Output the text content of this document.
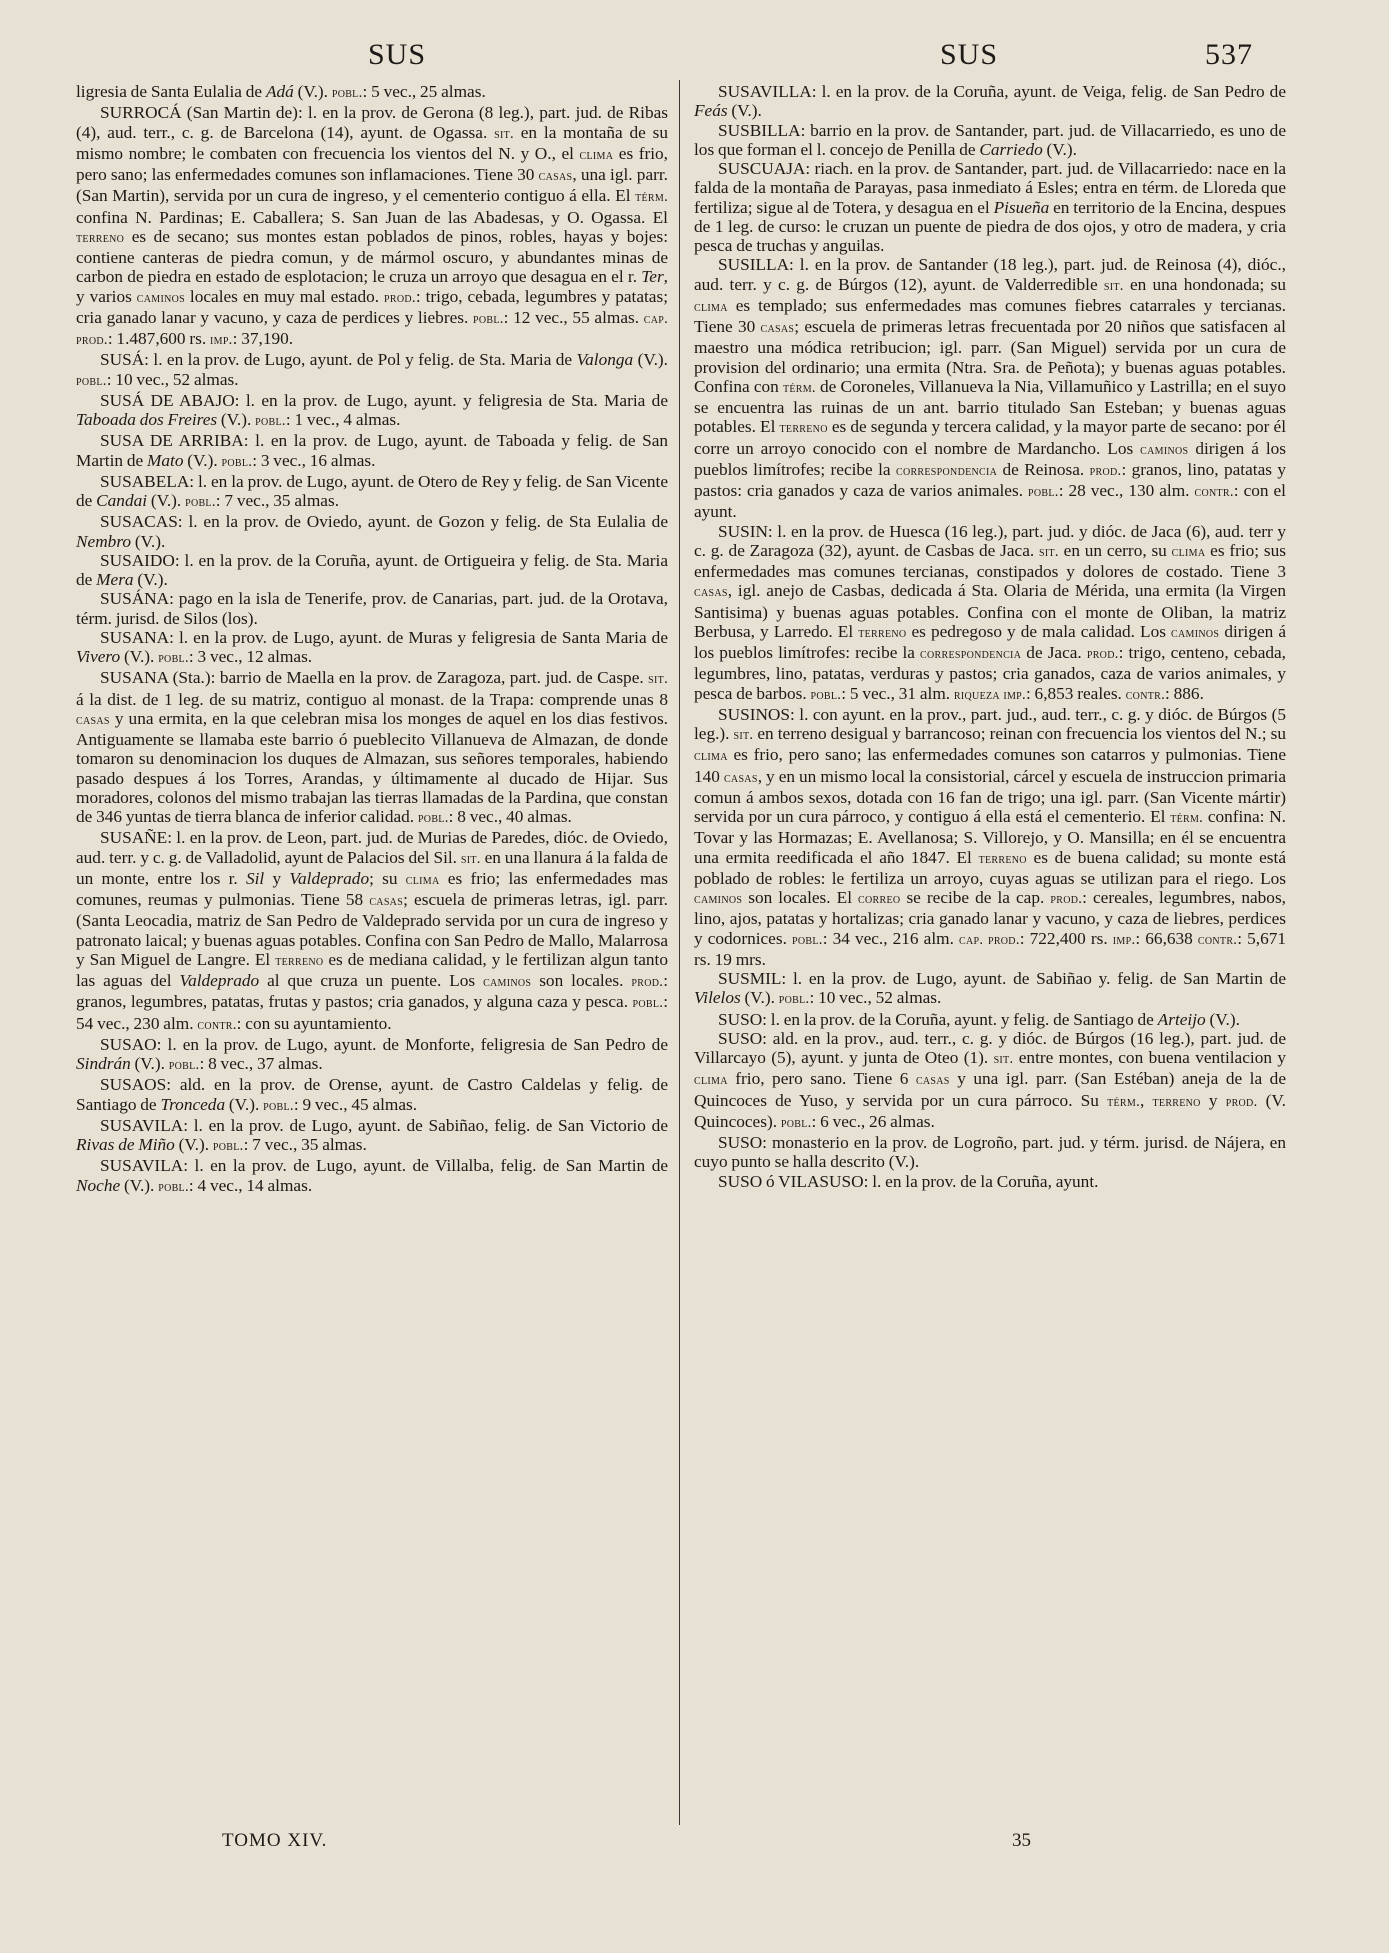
SUS	SUS	537

ligresia de Santa Eulalia de Adá (V.). pobl.: 5 vec., 25 almas.

SURROCÁ (San Martin de): l. en la prov. de Gerona (8 leg.), part. jud. de Ribas (4), aud. terr., c. g. de Barcelona (14), ayunt. de Ogassa. sit. en la montaña de su mismo nombre; le combaten con frecuencia los vientos del N. y O., el clima es frio, pero sano; las enfermedades comunes son inflamaciones. Tiene 30 casas, una igl. parr. (San Martin), servida por un cura de ingreso, y el cementerio contiguo á ella. El térm. confina N. Pardinas; E. Caballera; S. San Juan de las Abadesas, y O. Ogassa. El terreno es de secano; sus montes estan poblados de pinos, robles, hayas y bojes: contiene canteras de piedra comun, y de mármol oscuro, y abundantes minas de carbon de piedra en estado de esplotacion; le cruza un arroyo que desagua en el r. Ter, y varios caminos locales en muy mal estado. prod.: trigo, cebada, legumbres y patatas; cria ganado lanar y vacuno, y caza de perdices y liebres. pobl.: 12 vec., 55 almas. cap. prod.: 1.487,600 rs. imp.: 37,190.

SUSÁ: l. en la prov. de Lugo, ayunt. de Pol y felig. de Sta. Maria de Valonga (V.). pobl.: 10 vec., 52 almas.

SUSÁ DE ABAJO: l. en la prov. de Lugo, ayunt. y feligresia de Sta. Maria de Taboada dos Freires (V.). pobl.: 1 vec., 4 almas.

SUSA DE ARRIBA: l. en la prov. de Lugo, ayunt. de Taboada y felig. de San Martin de Mato (V.). pobl.: 3 vec., 16 almas.

SUSABELA: l. en la prov. de Lugo, ayunt. de Otero de Rey y felig. de San Vicente de Candai (V.). pobl.: 7 vec., 35 almas.

SUSACAS: l. en la prov. de Oviedo, ayunt. de Gozon y felig. de Sta Eulalia de Nembro (V.).

SUSAIDO: l. en la prov. de la Coruña, ayunt. de Ortigueira y felig. de Sta. Maria de Mera (V.).

SUSÁNA: pago en la isla de Tenerife, prov. de Canarias, part. jud. de la Orotava, térm. jurisd. de Silos (los).

SUSANA: l. en la prov. de Lugo, ayunt. de Muras y feligresia de Santa Maria de Vivero (V.). pobl.: 3 vec., 12 almas.

SUSANA (Sta.): barrio de Maella en la prov. de Zaragoza, part. jud. de Caspe. sit. á la dist. de 1 leg. de su matriz, contiguo al monast. de la Trapa: comprende unas 8 casas y una ermita, en la que celebran misa los monges de aquel en los dias festivos. Antiguamente se llamaba este barrio ó pueblecito Villanueva de Almazan, de donde tomaron su denominacion los duques de Almazan, sus señores temporales, habiendo pasado despues á los Torres, Arandas, y últimamente al ducado de Hijar. Sus moradores, colonos del mismo trabajan las tierras llamadas de la Pardina, que constan de 346 yuntas de tierra blanca de inferior calidad. pobl.: 8 vec., 40 almas.

SUSAÑE: l. en la prov. de Leon, part. jud. de Murias de Paredes, dióc. de Oviedo, aud. terr. y c. g. de Valladolid, ayunt de Palacios del Sil. sit. en una llanura á la falda de un monte, entre los r. Sil y Valdeprado; su clima es frio; las enfermedades mas comunes, reumas y pulmonias. Tiene 58 casas; escuela de primeras letras, igl. parr. (Santa Leocadia, matriz de San Pedro de Valdeprado servida por un cura de ingreso y patronato laical; y buenas aguas potables. Confina con San Pedro de Mallo, Malarrosa y San Miguel de Langre. El terreno es de mediana calidad, y le fertilizan algun tanto las aguas del Valdeprado al que cruza un puente. Los caminos son locales. prod.: granos, legumbres, patatas, frutas y pastos; cria ganados, y alguna caza y pesca. pobl.: 54 vec., 230 alm. contr.: con su ayuntamiento.

SUSAO: l. en la prov. de Lugo, ayunt. de Monforte, feligresia de San Pedro de Sindrán (V.). pobl.: 8 vec., 37 almas.

SUSAOS: ald. en la prov. de Orense, ayunt. de Castro Caldelas y felig. de Santiago de Tronceda (V.). pobl.: 9 vec., 45 almas.

SUSAVILA: l. en la prov. de Lugo, ayunt. de Sabiñao, felig. de San Victorio de Rivas de Miño (V.). pobl.: 7 vec., 35 almas.

SUSAVILA: l. en la prov. de Lugo, ayunt. de Villalba, felig. de San Martin de Noche (V.). pobl.: 4 vec., 14 almas.

SUSAVILLA: l. en la prov. de la Coruña, ayunt. de Veiga, felig. de San Pedro de Feás (V.).

SUSBILLA: barrio en la prov. de Santander, part. jud. de Villacarriedo, es uno de los que forman el l. concejo de Penilla de Carriedo (V.).

SUSCUAJA: riach. en la prov. de Santander, part. jud. de Villacarriedo: nace en la falda de la montaña de Parayas, pasa inmediato á Esles; entra en térm. de Lloreda que fertiliza; sigue al de Totera, y desagua en el Pisueña en territorio de la Encina, despues de 1 leg. de curso: le cruzan un puente de piedra de dos ojos, y otro de madera, y cria pesca de truchas y anguilas.

SUSILLA: l. en la prov. de Santander (18 leg.), part. jud. de Reinosa (4), dióc., aud. terr. y c. g. de Búrgos (12), ayunt. de Valderredible sit. en una hondonada; su clima es templado; sus enfermedades mas comunes fiebres catarrales y tercianas. Tiene 30 casas; escuela de primeras letras frecuentada por 20 niños que satisfacen al maestro una módica retribucion; igl. parr. (San Miguel) servida por un cura de provision del ordinario; una ermita (Ntra. Sra. de Peñota); y buenas aguas potables. Confina con térm. de Coroneles, Villanueva la Nia, Villamuñico y Lastrilla; en el suyo se encuentra las ruinas de un ant. barrio titulado San Esteban; y buenas aguas potables. El terreno es de segunda y tercera calidad, y la mayor parte de secano: por él corre un arroyo conocido con el nombre de Mardancho. Los caminos dirigen á los pueblos limítrofes; recibe la correspondencia de Reinosa. prod.: granos, lino, patatas y pastos: cria ganados y caza de varios animales. pobl.: 28 vec., 130 alm. contr.: con el ayunt.

SUSIN: l. en la prov. de Huesca (16 leg.), part. jud. y dióc. de Jaca (6), aud. terr y c. g. de Zaragoza (32), ayunt. de Casbas de Jaca. sit. en un cerro, su clima es frio; sus enfermedades mas comunes tercianas, constipados y dolores de costado. Tiene 3 casas, igl. anejo de Casbas, dedicada á Sta. Olaria de Mérida, una ermita (la Virgen Santisima) y buenas aguas potables. Confina con el monte de Oliban, la matriz Berbusa, y Larredo. El terreno es pedregoso y de mala calidad. Los caminos dirigen á los pueblos limítrofes: recibe la correspondencia de Jaca. prod.: trigo, centeno, cebada, legumbres, lino, patatas, verduras y pastos; cria ganados, caza de varios animales, y pesca de barbos. pobl.: 5 vec., 31 alm. riqueza imp.: 6,853 reales. contr.: 886.

SUSINOS: l. con ayunt. en la prov., part. jud., aud. terr., c. g. y dióc. de Búrgos (5 leg.). sit. en terreno desigual y barrancoso; reinan con frecuencia los vientos del N.; su clima es frio, pero sano; las enfermedades comunes son catarros y pulmonias. Tiene 140 casas, y en un mismo local la consistorial, cárcel y escuela de instruccion primaria comun á ambos sexos, dotada con 16 fan de trigo; una igl. parr. (San Vicente mártir) servida por un cura párroco, y contiguo á ella está el cementerio. El térm. confina: N. Tovar y las Hormazas; E. Avellanosa; S. Villorejo, y O. Mansilla; en él se encuentra una ermita reedificada el año 1847. El terreno es de buena calidad; su monte está poblado de robles: le fertiliza un arroyo, cuyas aguas se utilizan para el riego. Los caminos son locales. El correo se recibe de la cap. prod.: cereales, legumbres, nabos, lino, ajos, patatas y hortalizas; cria ganado lanar y vacuno, y caza de liebres, perdices y codornices. pobl.: 34 vec., 216 alm. cap. prod.: 722,400 rs. imp.: 66,638 contr.: 5,671 rs. 19 mrs.

SUSMIL: l. en la prov. de Lugo, ayunt. de Sabiñao y. felig. de San Martin de Vilelos (V.). pobl.: 10 vec., 52 almas.

SUSO: l. en la prov. de la Coruña, ayunt. y felig. de Santiago de Arteijo (V.).

SUSO: ald. en la prov., aud. terr., c. g. y dióc. de Búrgos (16 leg.), part. jud. de Villarcayo (5), ayunt. y junta de Oteo (1). sit. entre montes, con buena ventilacion y clima frio, pero sano. Tiene 6 casas y una igl. parr. (San Estéban) aneja de la de Quincoces de Yuso, y servida por un cura párroco. Su térm., terreno y prod. (V. Quincoces). pobl.: 6 vec., 26 almas.

SUSO: monasterio en la prov. de Logroño, part. jud. y térm. jurisd. de Nájera, en cuyo punto se halla descrito (V.).

SUSO ó VILASUSO: l. en la prov. de la Coruña, ayunt.

TOMO XIV.	35
